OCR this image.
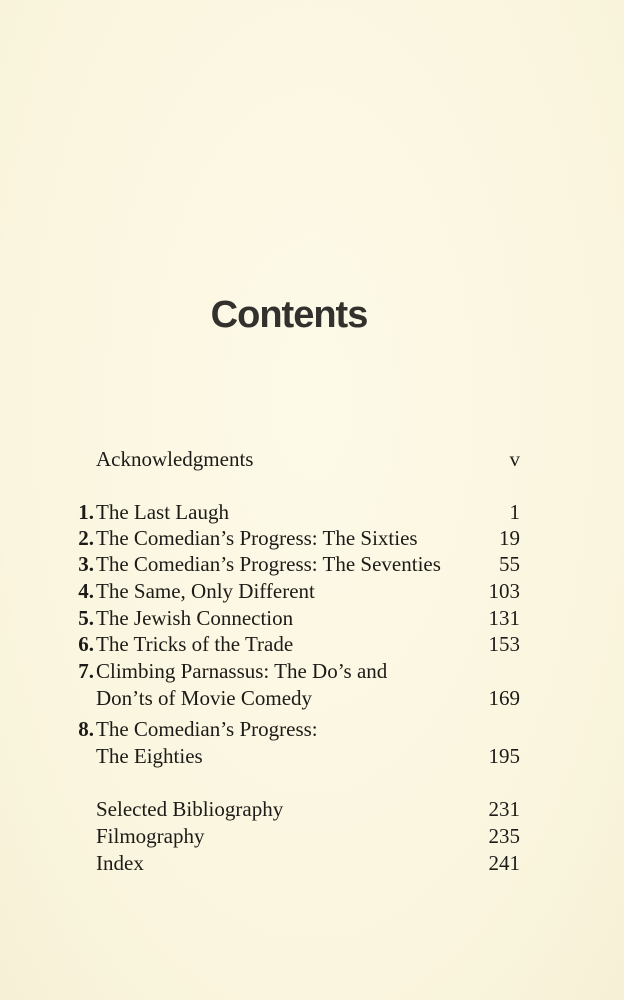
Contents
Acknowledgments	v
1. The Last Laugh	1
2. The Comedian’s Progress: The Sixties	19
3. The Comedian’s Progress: The Seventies	55
4. The Same, Only Different	103
5. The Jewish Connection	131
6. The Tricks of the Trade	153
7. Climbing Parnassus: The Do’s and
Don’ts of Movie Comedy	169
8. The Comedian’s Progress:
The Eighties	195
Selected Bibliography	231
Filmography	235
Index	241
